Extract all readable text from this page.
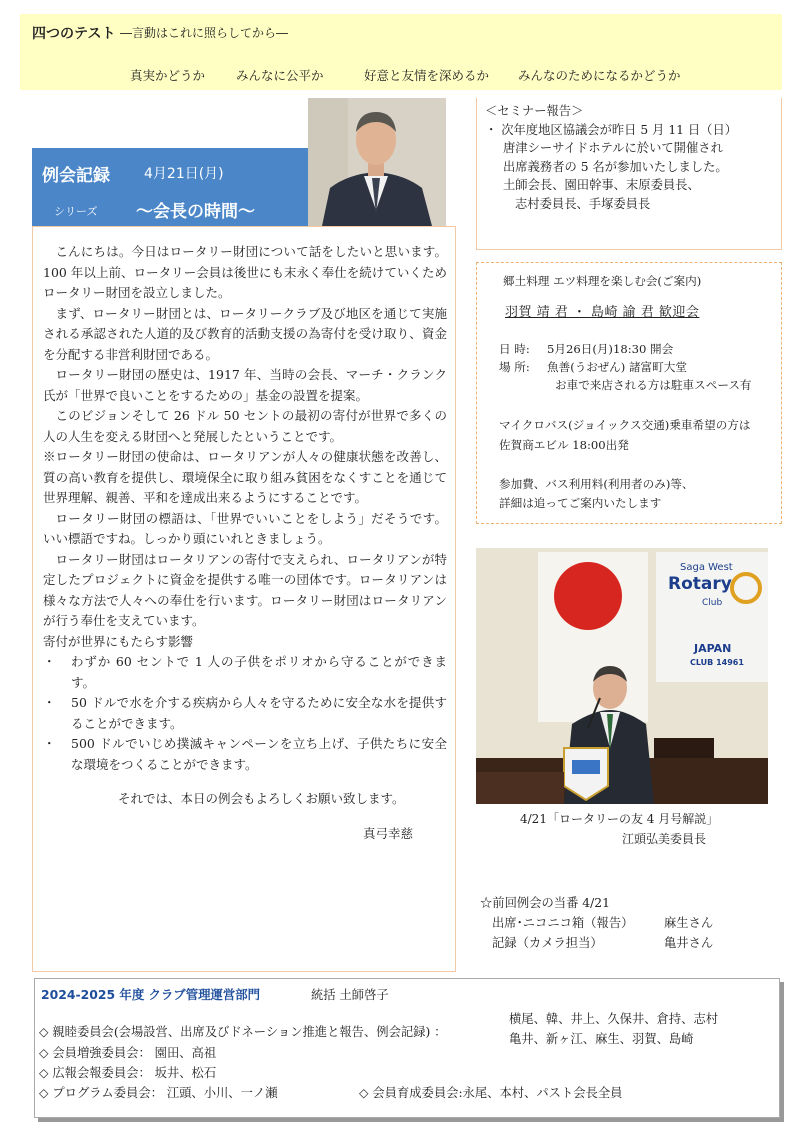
四つのテスト ―言動はこれに照らしてから―
真実かどうか みんなに公平か	好意と友情を深めるか みんなのためになるかどうか
例会記録 4月21日(月)
シリーズ ～会長の時間～

こんにちは。今日はロータリー財団について話をしたいと思います。100 年以上前、ロータリー会員は後世にも末永く奉仕を続けていくためロータリー財団を設立しました。

まず、ロータリー財団とは、ロータリークラブ及び地区を通じて実施される承認された人道的及び教育的活動支援の為寄付を受け取り、資金を分配する非営利財団である。

ロータリー財団の歴史は、1917 年、当時の会長、マーチ・クランク氏が「世界で良いことをするための」基金の設置を提案。

このビジョンそして 26 ドル 50 セントの最初の寄付が世界で多くの人の人生を変える財団へと発展したということです。

※ロータリー財団の使命は、ロータリアンが人々の健康状態を改善し、質の高い教育を提供し、環境保全に取り組み貧困をなくすことを通じて世界理解、親善、平和を達成出来るようにすることです。

ロータリー財団の標語は、「世界でいいことをしよう」だそうです。いい標語ですね。しっかり頭にいれときましょう。

ロータリー財団はロータリアンの寄付で支えられ、ロータリアンが特定したプロジェクトに資金を提供する唯一の団体です。ロータリアンは様々な方法で人々への奉仕を行います。ロータリー財団はロータリアンが行う奉仕を支えています。

寄付が世界にもたらす影響

・	わずか 60 セントで 1 人の子供をポリオから守ることができます。
・	50 ドルで水を介する疾病から人々を守るために安全な水を提供することができます。
・	500 ドルでいじめ撲滅キャンペーンを立ち上げ、子供たちに安全な環境をつくることができます。

それでは、本日の例会もよろしくお願い致します。

真弓幸慈

＜セミナー報告＞
・ 次年度地区協議会が昨日 5 月 11 日（日）
唐津シーサイドホテルに於いて開催され
出席義務者の 5 名が参加いたしました。
土師会長、園田幹事、末原委員長、
志村委員長、手塚委員長
郷土料理 エツ料理を楽しむ会(ご案内)
羽賀 靖 君 ・ 島崎 諭 君 歓迎会
日 時: 5月26日(月)18:30 開会
場 所: 魚善(うおぜん) 諸富町大堂
お車で来店される方は駐車スペース有
マイクロバス(ジョイックス交通)乗車希望の方は
佐賀商エビル 18:00出発
参加費、バス利用料(利用者のみ)等、
詳細は追ってご案内いたします
Saga West
Rotary
Club
JAPAN
CLUB 14961
4/21「ロータリーの友 4 月号解説」
江頭弘美委員長
☆前回例会の当番 4/21
出席･ニコニコ箱（報告） 麻生さん
記録（カメラ担当）	亀井さん
2024-2025 年度 クラブ管理運営部門	統括 土師啓子
横尾、韓、井上、久保井、倉持、志村
亀井、新ヶ江、麻生、羽賀、島崎
◇ 親睦委員会(会場設営、出席及びドネーション推進と報告、例会記録) ：
◇ 会員増強委員会： 園田、高祖
◇ 広報会報委員会： 坂井、松石
◇ プログラム委員会： 江頭、小川、一ノ瀬	◇ 会員育成委員会:永尾、本村、パスト会長全員
